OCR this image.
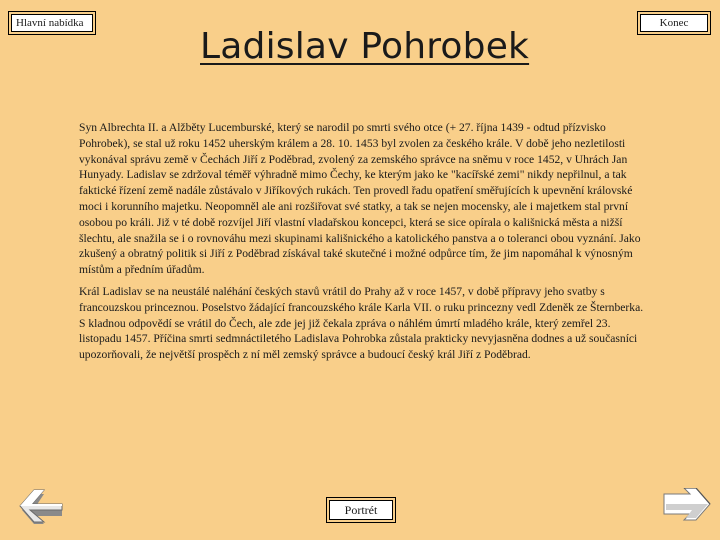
Hlavní nabídka
Ladislav Pohrobek
Konec

Syn Albrechta II. a Alžběty Lucemburské, který se narodil po smrti svého otce (+ 27. října 1439 - odtud přízvisko Pohrobek), se stal už roku 1452 uherským králem a 28. 10. 1453 byl zvolen za českého krále. V době jeho nezletilosti vykonával správu země v Čechách Jiří z Poděbrad, zvolený za zemského správce na sněmu v roce 1452, v Uhrách Jan Hunyady. Ladislav se zdržoval téměř výhradně mimo Čechy, ke kterým jako ke "kacířské zemi" nikdy nepřilnul, a tak faktické řízení země nadále zůstávalo v Jiříkových rukách. Ten provedl řadu opatření směřujících k upevnění královské moci i korunního majetku. Neopomněl ale ani rozšiřovat své statky, a tak se nejen mocensky, ale i majetkem stal první osobou po králi. Již v té době rozvíjel Jiří vlastní vladařskou koncepci, která se sice opírala o kališnická města a nižší šlechtu, ale snažila se i o rovnováhu mezi skupinami kališnického a katolického panstva a o toleranci obou vyznání. Jako zkušený a obratný politik si Jiří z Poděbrad získával také skutečné i možné odpůrce tím, že jim napomáhal k výnosným místům a předním úřadům.

Král Ladislav se na neustálé naléhání českých stavů vrátil do Prahy až v roce 1457, v době přípravy jeho svatby s francouzskou princeznou. Poselstvo žádající francouzského krále Karla VII. o ruku princezny vedl Zdeněk ze Šternberka. S kladnou odpovědí se vrátil do Čech, ale zde jej již čekala zpráva o náhlém úmrtí mladého krále, který zemřel 23. listopadu 1457. Příčina smrti sedmnáctiletého Ladislava Pohrobka zůstala prakticky nevyjasněna dodnes a už současníci upozorňovali, že největší prospěch z ní měl zemský správce a budoucí český král Jiří z Poděbrad.

Portrét
